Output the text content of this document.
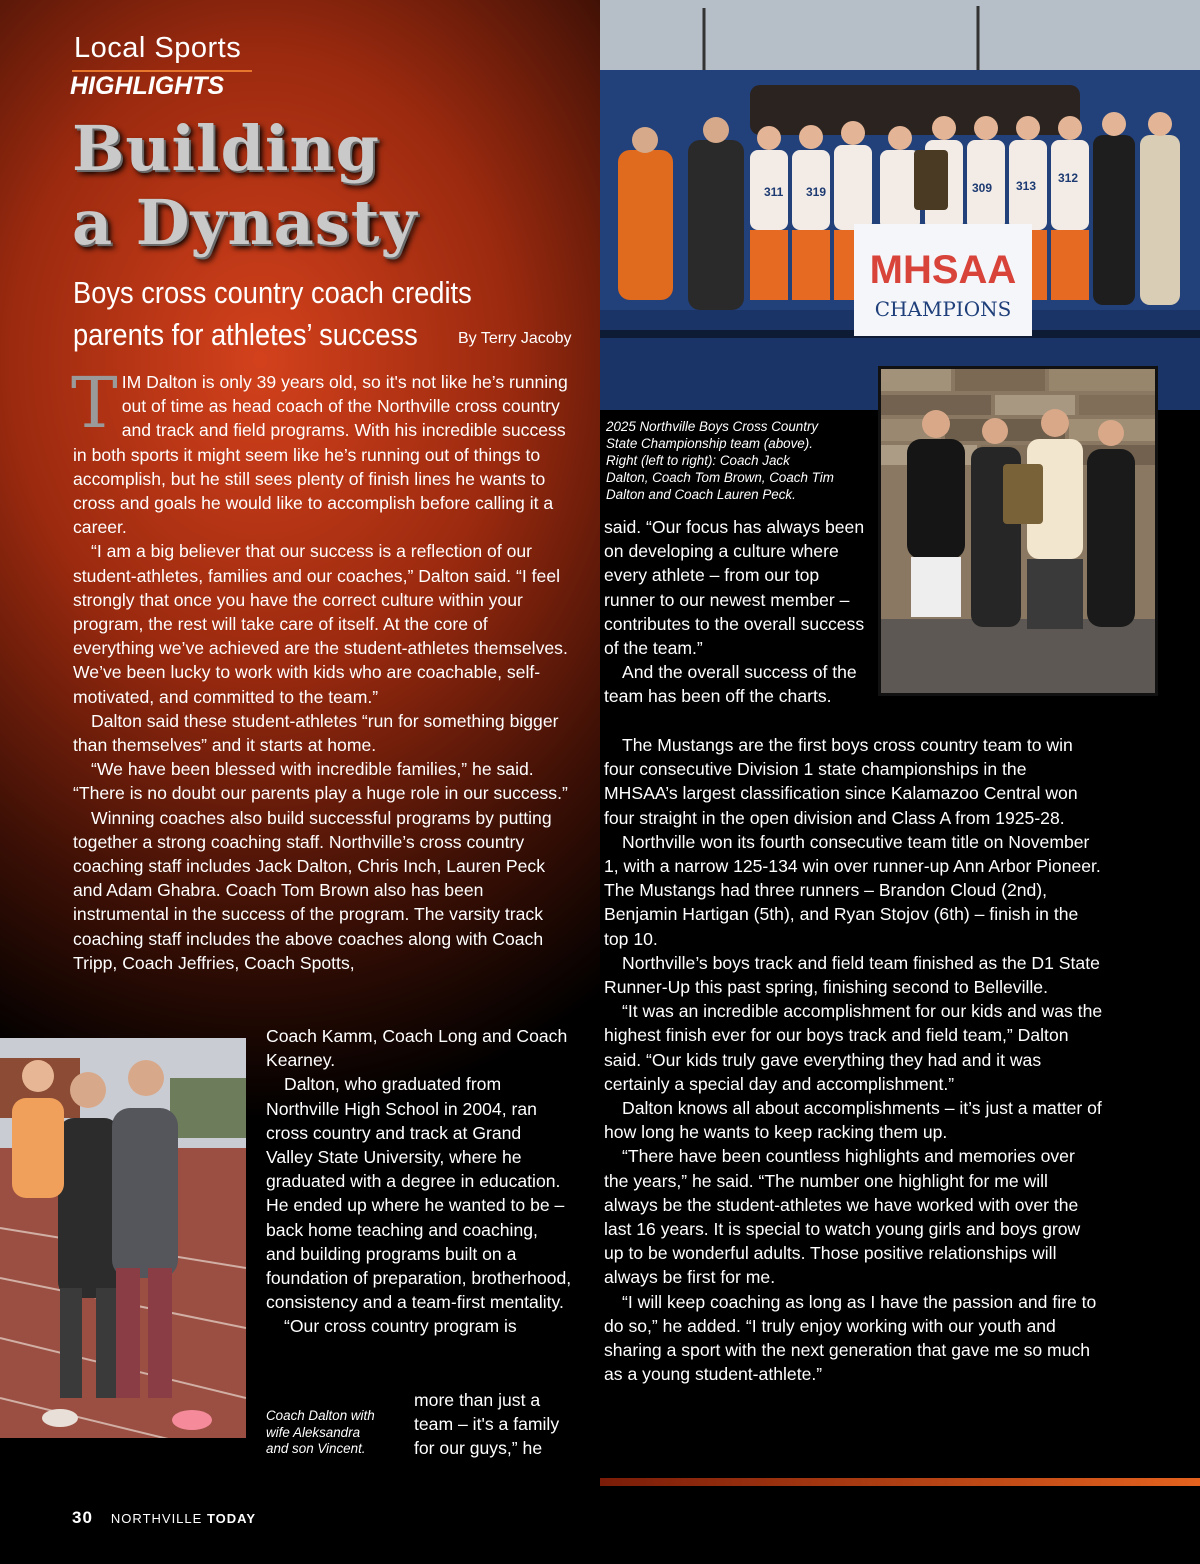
Local Sports
HIGHLIGHTS
Building
a Dynasty
Boys cross country coach credits
parents for athletes’ success	By Terry Jacoby
MHSAA
CHAMPIONS
311 319	309 313
312
2025 Northville Boys Cross Country
State Championship team (above).
Right (left to right): Coach Jack
Dalton, Coach Tom Brown, Coach Tim
Dalton and Coach Lauren Peck.
Coach Dalton with
wife Aleksandra
and son Vincent.

TIM Dalton is only 39 years old, so it's not like he’s running out of time as head coach of the Northville cross country and track and field programs. With his incredible success in both sports it might seem like he’s running out of things to accomplish, but he still sees plenty of finish lines he wants to cross and goals he would like to accomplish before calling it a career.

“I am a big believer that our success is a reflection of our student-athletes, families and our coaches,” Dalton said. “I feel strongly that once you have the correct culture within your program, the rest will take care of itself. At the core of everything we’ve achieved are the student-athletes themselves. We’ve been lucky to work with kids who are coachable, self-motivated, and committed to the team.”

Dalton said these student-athletes “run for something bigger than themselves” and it starts at home.

“We have been blessed with incredible families,” he said. “There is no doubt our parents play a huge role in our success.”

Winning coaches also build successful programs by putting together a strong coaching staff. Northville’s cross country coaching staff includes Jack Dalton, Chris Inch, Lauren Peck and Adam Ghabra. Coach Tom Brown also has been instrumental in the success of the program. The varsity track coaching staff includes the above coaches along with Coach Tripp, Coach Jeffries, Coach Spotts,

Coach Kamm, Coach Long and Coach Kearney.

Dalton, who graduated from Northville High School in 2004, ran cross country and track at Grand Valley State University, where he graduated with a degree in education. He ended up where he wanted to be – back home teaching and coaching, and building programs built on a foundation of preparation, brotherhood, consistency and a team-first mentality.

“Our cross country program is

more than just a team – it's a family for our guys,” he

said. “Our focus has always been on developing a culture where every athlete – from our top runner to our newest member – contributes to the overall success of the team.”

And the overall success of the team has been off the charts.

The Mustangs are the first boys cross country team to win four consecutive Division 1 state championships in the MHSAA’s largest classification since Kalamazoo Central won four straight in the open division and Class A from 1925-28.

Northville won its fourth consecutive team title on November 1, with a narrow 125-134 win over runner-up Ann Arbor Pioneer. The Mustangs had three runners – Brandon Cloud (2nd), Benjamin Hartigan (5th), and Ryan Stojov (6th) – finish in the top 10.

Northville’s boys track and field team finished as the D1 State Runner-Up this past spring, finishing second to Belleville.

“It was an incredible accomplishment for our kids and was the highest finish ever for our boys track and field team,” Dalton said. “Our kids truly gave everything they had and it was certainly a special day and accomplishment.”

Dalton knows all about accomplishments – it’s just a matter of how long he wants to keep racking them up.

“There have been countless highlights and memories over the years,” he said. “The number one highlight for me will always be the student-athletes we have worked with over the last 16 years. It is special to watch young girls and boys grow up to be wonderful adults. Those positive relationships will always be first for me.

“I will keep coaching as long as I have the passion and fire to do so,” he added. “I truly enjoy working with our youth and sharing a sport with the next generation that gave me so much as a young student-athlete.”

30 NORTHVILLE TODAY
